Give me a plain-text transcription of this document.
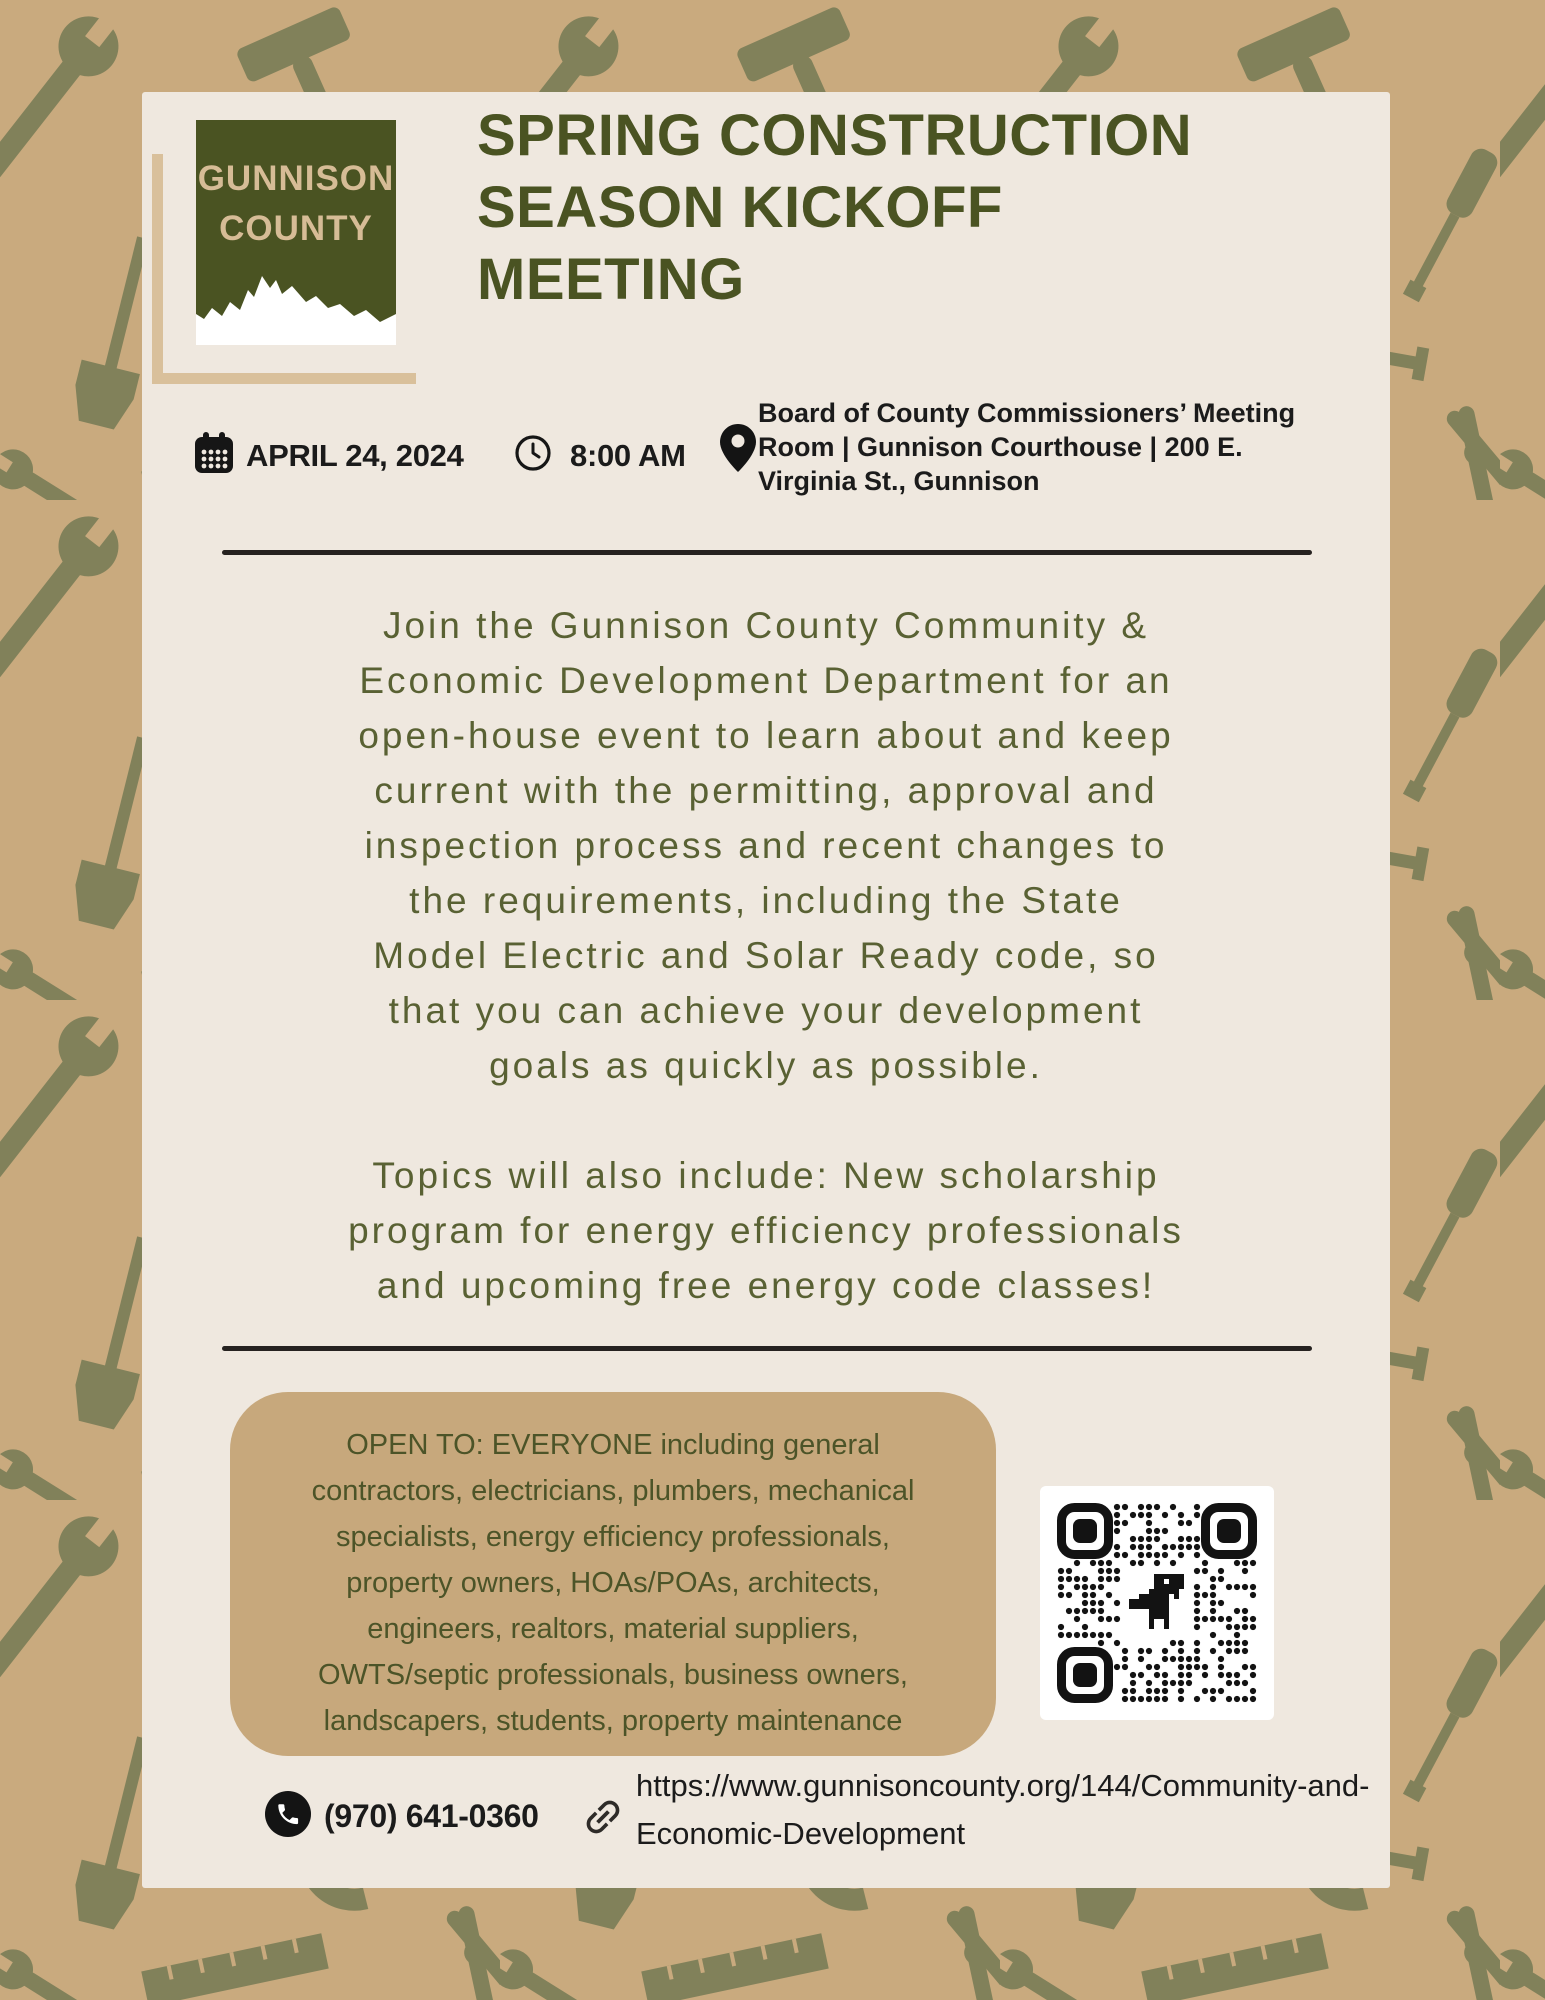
GUNNISON
COUNTY
SPRING CONSTRUCTION
SEASON KICKOFF
MEETING
APRIL 24, 2024	8:00 AM
Board of County Commissioners’ Meeting
Room | Gunnison Courthouse | 200 E.
Virginia St., Gunnison
Join the Gunnison County Community &
Economic Development Department for an
open-house event to learn about and keep
current with the permitting, approval and
inspection process and recent changes to
the requirements, including the State
Model Electric and Solar Ready code, so
that you can achieve your development
goals as quickly as possible.
Topics will also include: New scholarship
program for energy efficiency professionals
and upcoming free energy code classes!
OPEN TO: EVERYONE including general
contractors, electricians, plumbers, mechanical
specialists, energy efficiency professionals,
property owners, HOAs/POAs, architects,
engineers, realtors, material suppliers,
OWTS/septic professionals, business owners,
landscapers, students, property maintenance
(970) 641-0360
https://www.gunnisoncounty.org/144/Community-and-Economic-Development
